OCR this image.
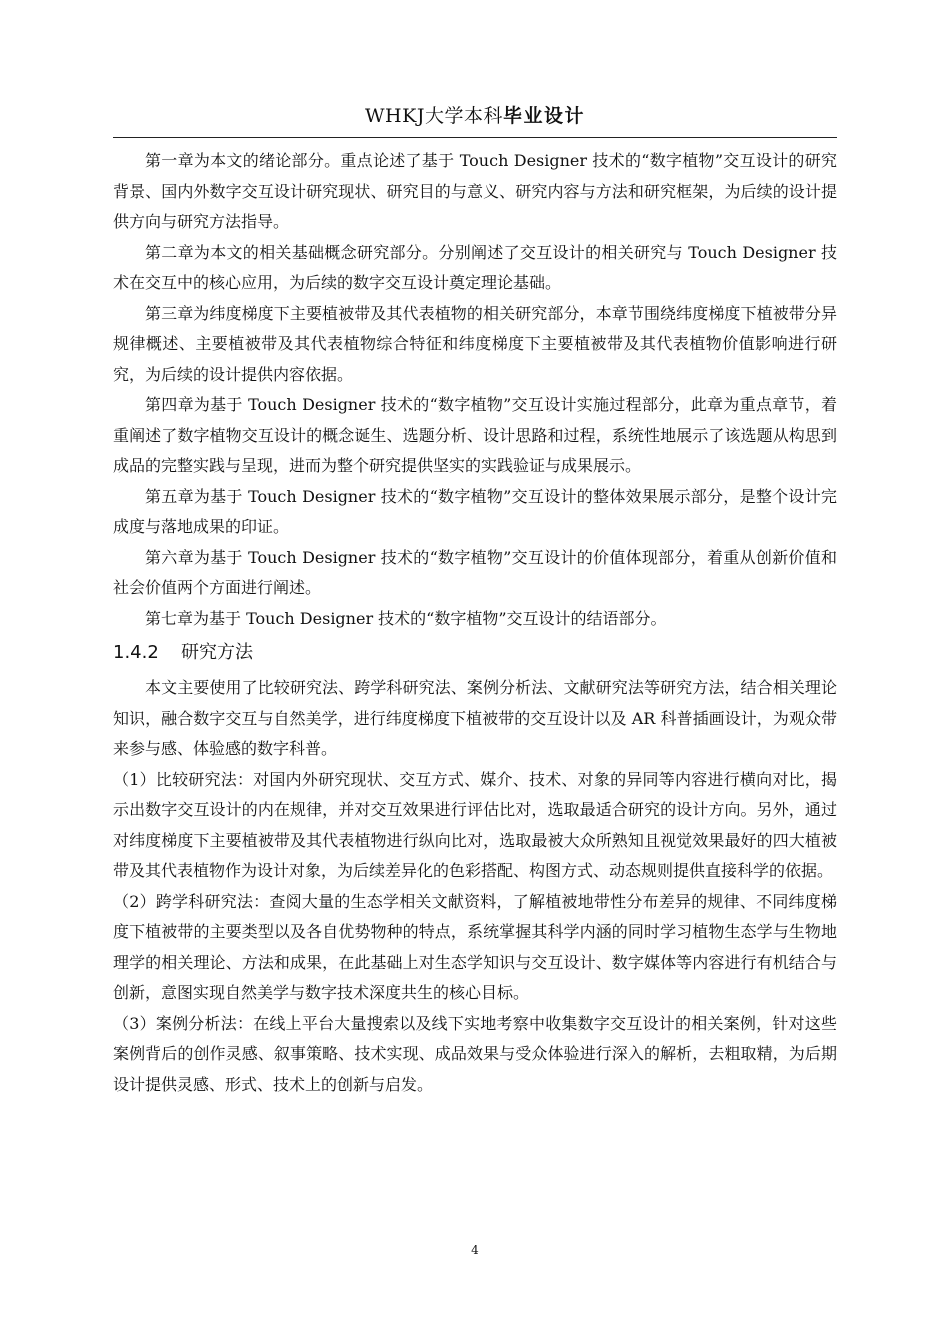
WHKJ大学本科毕业设计

第一章为本文的绪论部分。重点论述了基于 Touch Designer 技术的“数字植物”交互设计的研究背景、国内外数字交互设计研究现状、研究目的与意义、研究内容与方法和研究框架，为后续的设计提供方向与研究方法指导。

第二章为本文的相关基础概念研究部分。分别阐述了交互设计的相关研究与 Touch Designer 技术在交互中的核心应用，为后续的数字交互设计奠定理论基础。

第三章为纬度梯度下主要植被带及其代表植物的相关研究部分，本章节围绕纬度梯度下植被带分异规律概述、主要植被带及其代表植物综合特征和纬度梯度下主要植被带及其代表植物价值影响进行研究，为后续的设计提供内容依据。

第四章为基于 Touch Designer 技术的“数字植物”交互设计实施过程部分，此章为重点章节，着重阐述了数字植物交互设计的概念诞生、选题分析、设计思路和过程，系统性地展示了该选题从构思到成品的完整实践与呈现，进而为整个研究提供坚实的实践验证与成果展示。

第五章为基于 Touch Designer 技术的“数字植物”交互设计的整体效果展示部分，是整个设计完成度与落地成果的印证。

第六章为基于 Touch Designer 技术的“数字植物”交互设计的价值体现部分，着重从创新价值和社会价值两个方面进行阐述。

第七章为基于 Touch Designer 技术的“数字植物”交互设计的结语部分。

1.4.2 研究方法

本文主要使用了比较研究法、跨学科研究法、案例分析法、文献研究法等研究方法，结合相关理论知识，融合数字交互与自然美学，进行纬度梯度下植被带的交互设计以及 AR 科普插画设计，为观众带来参与感、体验感的数字科普。

（1）比较研究法：对国内外研究现状、交互方式、媒介、技术、对象的异同等内容进行横向对比，揭示出数字交互设计的内在规律，并对交互效果进行评估比对，选取最适合研究的设计方向。另外，通过对纬度梯度下主要植被带及其代表植物进行纵向比对，选取最被大众所熟知且视觉效果最好的四大植被带及其代表植物作为设计对象，为后续差异化的色彩搭配、构图方式、动态规则提供直接科学的依据。

（2）跨学科研究法：查阅大量的生态学相关文献资料，了解植被地带性分布差异的规律、不同纬度梯度下植被带的主要类型以及各自优势物种的特点，系统掌握其科学内涵的同时学习植物生态学与生物地理学的相关理论、方法和成果，在此基础上对生态学知识与交互设计、数字媒体等内容进行有机结合与创新，意图实现自然美学与数字技术深度共生的核心目标。

（3）案例分析法：在线上平台大量搜索以及线下实地考察中收集数字交互设计的相关案例，针对这些案例背后的创作灵感、叙事策略、技术实现、成品效果与受众体验进行深入的解析，去粗取精，为后期设计提供灵感、形式、技术上的创新与启发。

4
